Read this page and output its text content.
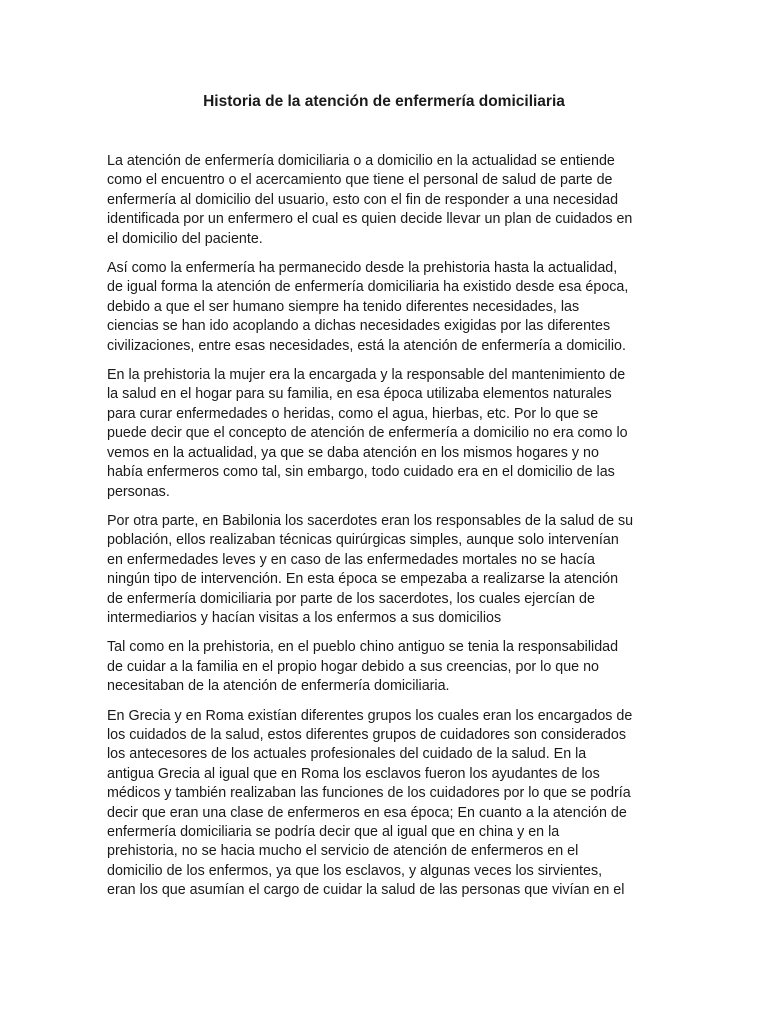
Historia de la atención de enfermería domiciliaria

La atención de enfermería domiciliaria o a domicilio en la actualidad se entiende
como el encuentro o el acercamiento que tiene el personal de salud de parte de
enfermería al domicilio del usuario, esto con el fin de responder a una necesidad
identificada por un enfermero el cual es quien decide llevar un plan de cuidados en
el domicilio del paciente.

Así como la enfermería ha permanecido desde la prehistoria hasta la actualidad,
de igual forma la atención de enfermería domiciliaria ha existido desde esa época,
debido a que el ser humano siempre ha tenido diferentes necesidades, las
ciencias se han ido acoplando a dichas necesidades exigidas por las diferentes
civilizaciones, entre esas necesidades, está la atención de enfermería a domicilio.

En la prehistoria la mujer era la encargada y la responsable del mantenimiento de
la salud en el hogar para su familia, en esa época utilizaba elementos naturales
para curar enfermedades o heridas, como el agua, hierbas, etc. Por lo que se
puede decir que el concepto de atención de enfermería a domicilio no era como lo
vemos en la actualidad, ya que se daba atención en los mismos hogares y no
había enfermeros como tal, sin embargo, todo cuidado era en el domicilio de las
personas.

Por otra parte, en Babilonia los sacerdotes eran los responsables de la salud de su
población, ellos realizaban técnicas quirúrgicas simples, aunque solo intervenían
en enfermedades leves y en caso de las enfermedades mortales no se hacía
ningún tipo de intervención. En esta época se empezaba a realizarse la atención
de enfermería domiciliaria por parte de los sacerdotes, los cuales ejercían de
intermediarios y hacían visitas a los enfermos a sus domicilios

Tal como en la prehistoria, en el pueblo chino antiguo se tenia la responsabilidad
de cuidar a la familia en el propio hogar debido a sus creencias, por lo que no
necesitaban de la atención de enfermería domiciliaria.

En Grecia y en Roma existían diferentes grupos los cuales eran los encargados de
los cuidados de la salud, estos diferentes grupos de cuidadores son considerados
los antecesores de los actuales profesionales del cuidado de la salud. En la
antigua Grecia al igual que en Roma los esclavos fueron los ayudantes de los
médicos y también realizaban las funciones de los cuidadores por lo que se podría
decir que eran una clase de enfermeros en esa época; En cuanto a la atención de
enfermería domiciliaria se podría decir que al igual que en china y en la
prehistoria, no se hacia mucho el servicio de atención de enfermeros en el
domicilio de los enfermos, ya que los esclavos, y algunas veces los sirvientes,
eran los que asumían el cargo de cuidar la salud de las personas que vivían en el
